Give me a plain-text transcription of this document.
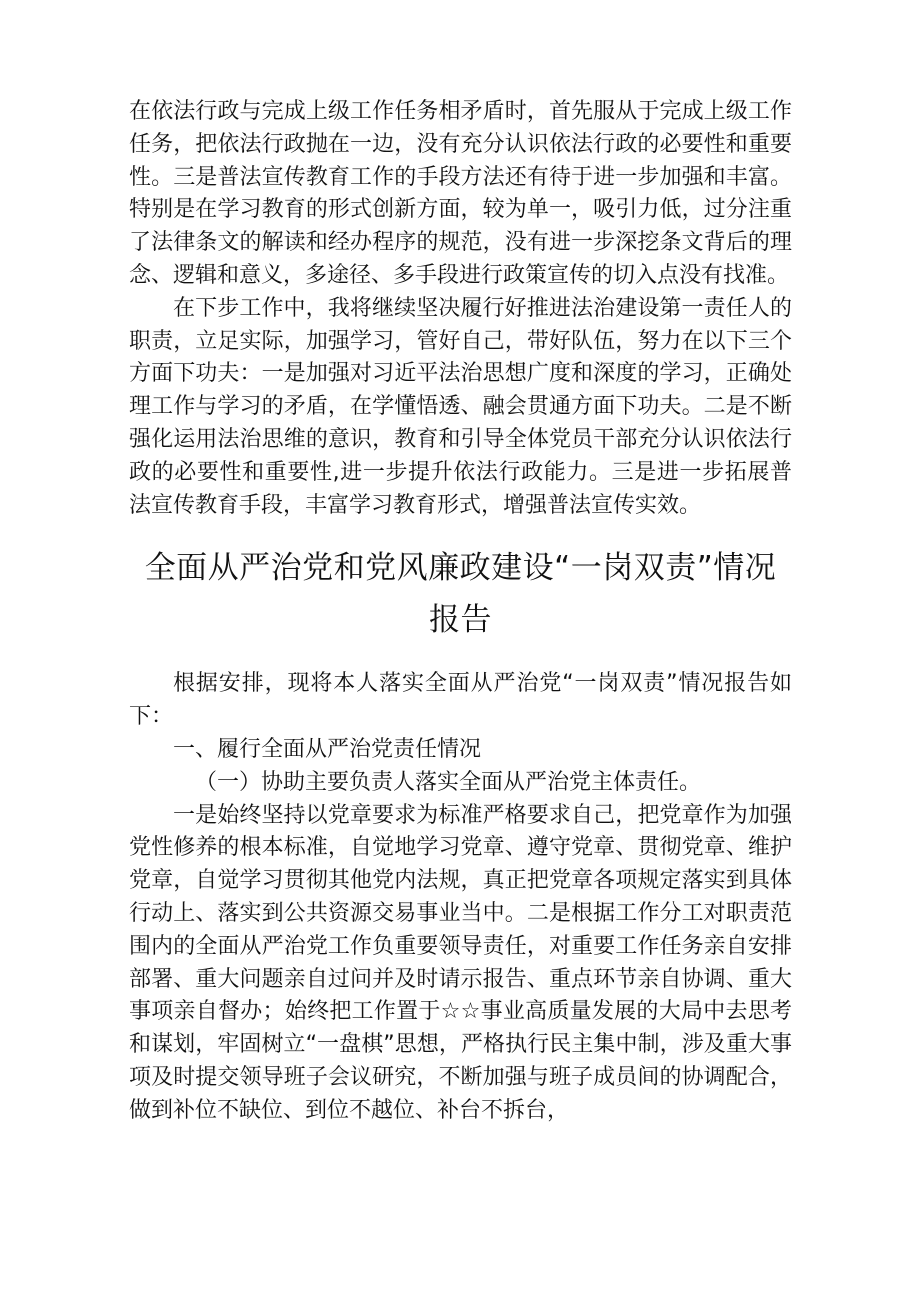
在依法行政与完成上级工作任务相矛盾时，首先服从于完成上级工作任务，把依法行政抛在一边，没有充分认识依法行政的必要性和重要性。三是普法宣传教育工作的手段方法还有待于进一步加强和丰富。特别是在学习教育的形式创新方面，较为单一，吸引力低，过分注重了法律条文的解读和经办程序的规范，没有进一步深挖条文背后的理念、逻辑和意义，多途径、多手段进行政策宣传的切入点没有找准。

在下步工作中，我将继续坚决履行好推进法治建设第一责任人的职责，立足实际，加强学习，管好自己，带好队伍，努力在以下三个方面下功夫：一是加强对习近平法治思想广度和深度的学习，正确处理工作与学习的矛盾，在学懂悟透、融会贯通方面下功夫。二是不断强化运用法治思维的意识，教育和引导全体党员干部充分认识依法行政的必要性和重要性,进一步提升依法行政能力。三是进一步拓展普法宣传教育手段，丰富学习教育形式，增强普法宣传实效。

全面从严治党和党风廉政建设“一岗双责”情况
报告

根据安排，现将本人落实全面从严治党“一岗双责”情况报告如下：

一、履行全面从严治党责任情况

（一）协助主要负责人落实全面从严治党主体责任。

一是始终坚持以党章要求为标准严格要求自己，把党章作为加强党性修养的根本标准，自觉地学习党章、遵守党章、贯彻党章、维护党章，自觉学习贯彻其他党内法规，真正把党章各项规定落实到具体行动上、落实到公共资源交易事业当中。二是根据工作分工对职责范围内的全面从严治党工作负重要领导责任，对重要工作任务亲自安排部署、重大问题亲自过问并及时请示报告、重点环节亲自协调、重大事项亲自督办；始终把工作置于☆☆事业高质量发展的大局中去思考和谋划，牢固树立“一盘棋”思想，严格执行民主集中制，涉及重大事项及时提交领导班子会议研究，不断加强与班子成员间的协调配合，做到补位不缺位、到位不越位、补台不拆台，
